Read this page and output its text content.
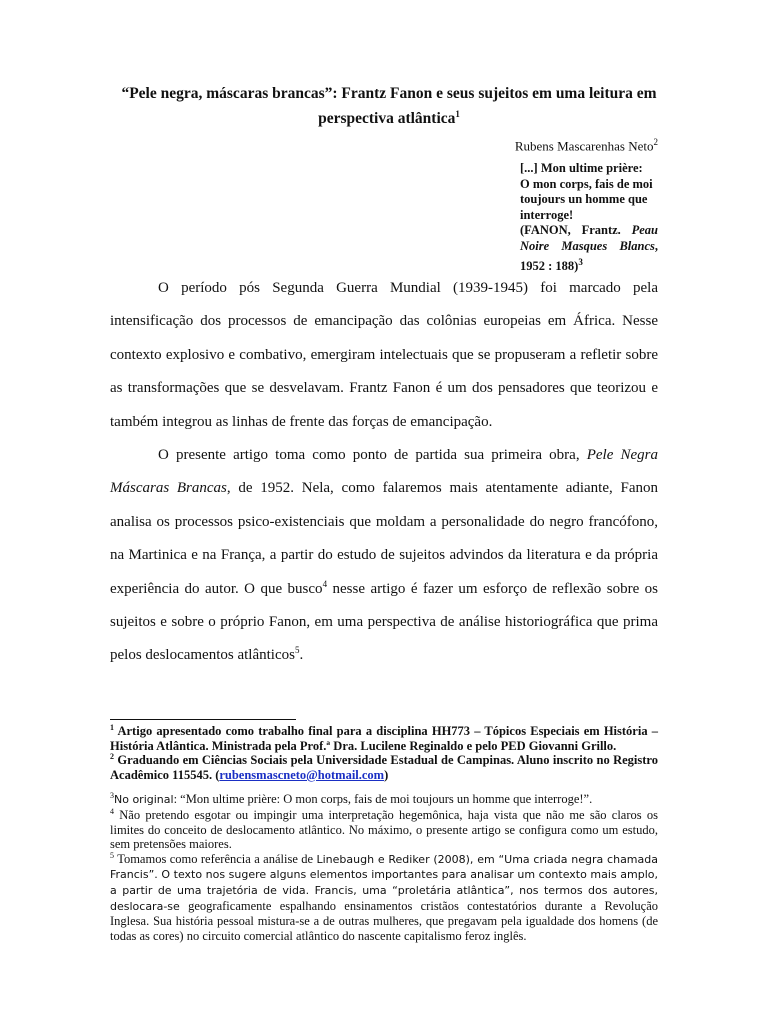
“Pele negra, máscaras brancas”: Frantz Fanon e seus sujeitos em uma leitura em
perspectiva atlântica$^1$
Rubens Mascarenhas Neto$^2$
[...] Mon ultime prière:
O mon corps, fais de moi
toujours un homme que
interroge!
(FANON, Frantz. Peau
Noire Masques Blancs,
1952 : 188)$^3$

O período pós Segunda Guerra Mundial (1939-1945) foi marcado pela intensificação dos processos de emancipação das colônias europeias em África. Nesse contexto explosivo e combativo, emergiram intelectuais que se propuseram a refletir sobre as transformações que se desvelavam. Frantz Fanon é um dos pensadores que teorizou e também integrou as linhas de frente das forças de emancipação.

O presente artigo toma como ponto de partida sua primeira obra, Pele Negra Máscaras Brancas, de 1952. Nela, como falaremos mais atentamente adiante, Fanon analisa os processos psico-existenciais que moldam a personalidade do negro francófono, na Martinica e na França, a partir do estudo de sujeitos advindos da literatura e da própria experiência do autor. O que busco$^4$ nesse artigo é fazer um esforço de reflexão sobre os sujeitos e sobre o próprio Fanon, em uma perspectiva de análise historiográfica que prima pelos deslocamentos atlânticos$^5$.

$^1$ Artigo apresentado como trabalho final para a disciplina HH773 – Tópicos Especiais em História – História Atlântica. Ministrada pela Prof.ª Dra. Lucilene Reginaldo e pelo PED Giovanni Grillo.

$^2$ Graduando em Ciências Sociais pela Universidade Estadual de Campinas. Aluno inscrito no Registro Acadêmico 115545. (rubensmascneto@hotmail.com)

$^3$No original: “Mon ultime prière: O mon corps, fais de moi toujours un homme que interroge!”.

$^4$ Não pretendo esgotar ou impingir uma interpretação hegemônica, haja vista que não me são claros os limites do conceito de deslocamento atlântico. No máximo, o presente artigo se configura como um estudo, sem pretensões maiores.

$^5$ Tomamos como referência a análise de Linebaugh e Rediker (2008), em “Uma criada negra chamada Francis”. O texto nos sugere alguns elementos importantes para analisar um contexto mais amplo, a partir de uma trajetória de vida. Francis, uma “proletária atlântica”, nos termos dos autores, deslocara-se geograficamente espalhando ensinamentos cristãos contestatórios durante a Revolução Inglesa. Sua história pessoal mistura-se a de outras mulheres, que pregavam pela igualdade dos homens (de todas as cores) no circuito comercial atlântico do nascente capitalismo feroz inglês.
